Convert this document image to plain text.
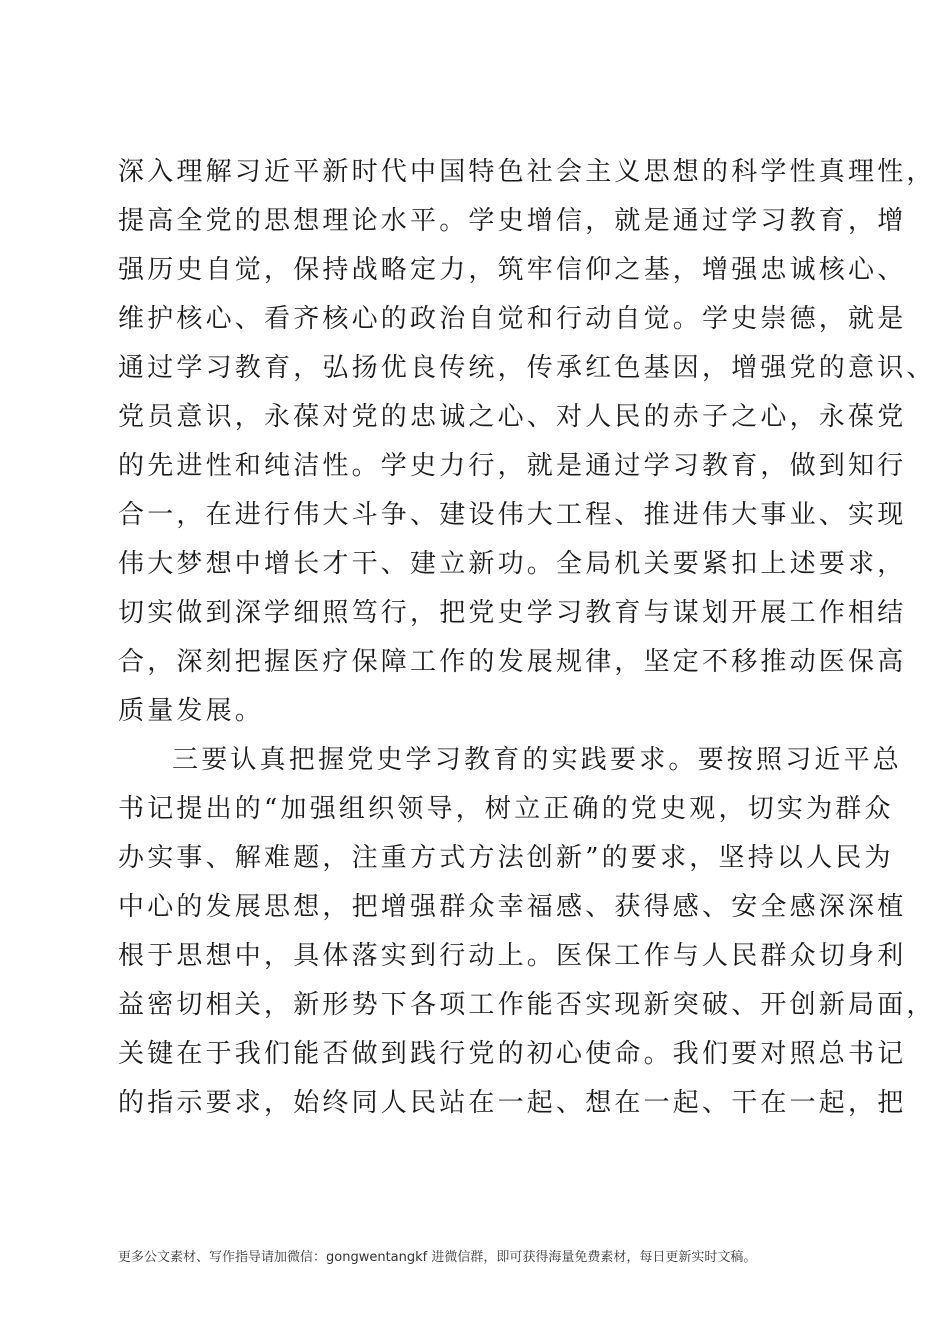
深入理解习近平新时代中国特色社会主义思想的科学性真理性，
提高全党的思想理论水平。学史增信，就是通过学习教育，增
强历史自觉，保持战略定力，筑牢信仰之基，增强忠诚核心、
维护核心、看齐核心的政治自觉和行动自觉。学史崇德，就是
通过学习教育，弘扬优良传统，传承红色基因，增强党的意识、
党员意识，永葆对党的忠诚之心、对人民的赤子之心，永葆党
的先进性和纯洁性。学史力行，就是通过学习教育，做到知行
合一，在进行伟大斗争、建设伟大工程、推进伟大事业、实现
伟大梦想中增长才干、建立新功。全局机关要紧扣上述要求，
切实做到深学细照笃行，把党史学习教育与谋划开展工作相结
合，深刻把握医疗保障工作的发展规律，坚定不移推动医保高
质量发展。
三要认真把握党史学习教育的实践要求。要按照习近平总
书记提出的“加强组织领导，树立正确的党史观，切实为群众
办实事、解难题，注重方式方法创新”的要求，坚持以人民为
中心的发展思想，把增强群众幸福感、获得感、安全感深深植
根于思想中，具体落实到行动上。医保工作与人民群众切身利
益密切相关，新形势下各项工作能否实现新突破、开创新局面，
关键在于我们能否做到践行党的初心使命。我们要对照总书记
的指示要求，始终同人民站在一起、想在一起、干在一起，把
更多公文素材、写作指导请加微信：gongwentangkf 进微信群，即可获得海量免费素材，每日更新实时文稿。
